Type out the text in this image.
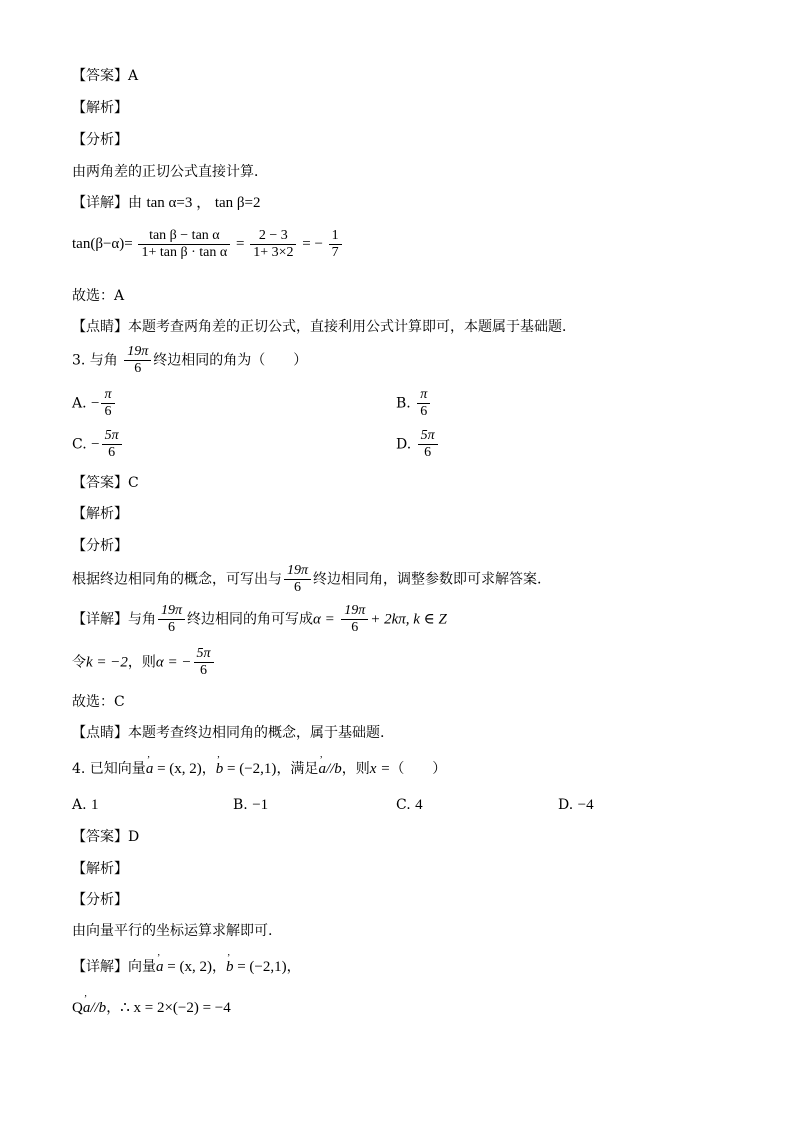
【答案】A
【解析】
【分析】
由两角差的正切公式直接计算．
【详解】由 tan α=3 ， tan β=2
$\tan(\beta-\alpha)= \frac{\text{tan β − tan α}}{\text{1+ tan β · tan α}} = \frac{2 - 3}{1+ 3\times 2}$ = − $\frac{1}{7}$
故选：A
【点睛】本题考查两角差的正切公式，直接利用公式计算即可，本题属于基础题．
3. 与角 $\frac{19\pi}{6}$ 终边相同的角为（　　）
A. − $\frac{\pi}{6}$	B. $\frac{\pi}{6}$
C. − $\frac{5\pi}{6}$	D. $\frac{5\pi}{6}$
【答案】C
【解析】
【分析】
根据终边相同角的概念，可写出与 $\frac{19\pi}{6}$ 终边相同角，调整参数即可求解答案.
【详解】与角 $\frac{19\pi}{6}$ 终边相同的角可写成$\alpha = \frac{19\pi}{6} + 2k\pi$, k ∈ Z
令k = −2，则α = − $\frac{5\pi}{6}$
故选：C
【点睛】本题考查终边相同角的概念，属于基础题.
4. 已知向量’ a = (x, 2)，’ b = (−2,1)，满足’ a//b，则x =（　　）
A. 1	B. −1	C. 4	D. −4
【答案】D
【解析】
【分析】
由向量平行的坐标运算求解即可.
【详解】向量’ a = (x, 2)，’ b = (−2,1)，
Q’ a//b，∴ x = 2×(−2) = −4
